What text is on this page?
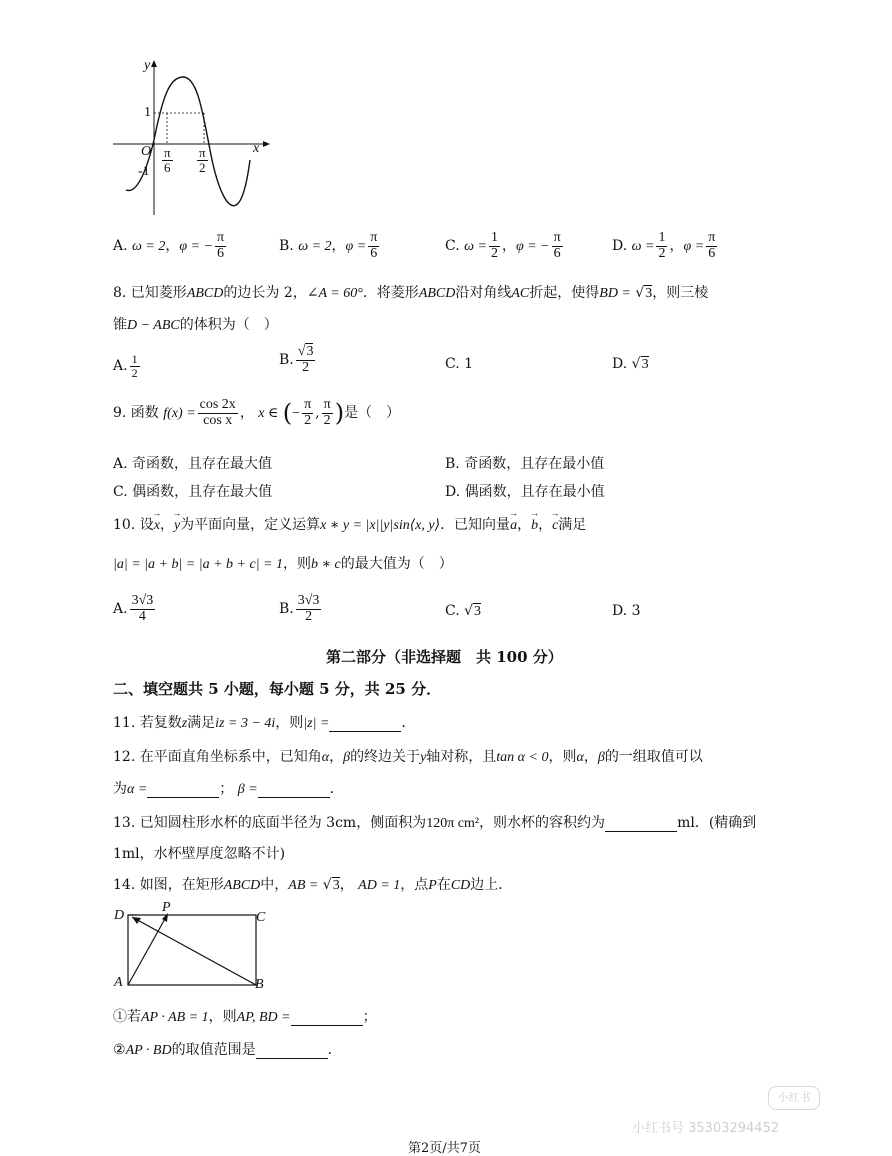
y
x
O
1
$-1 \frac{\pi}{6} \frac{\pi}{2}$
A. ω = 2，φ = − $\frac{\pi}{6}$	B. ω = 2，$\varphi = \frac{\pi}{6}$	C. $\omega = \frac{1}{2}$ ，φ = − $\frac{\pi}{6}$	D. $\omega = \frac{1}{2}$ ，$\varphi = \frac{\pi}{6}$
8. 已知菱形ABCD的边长为 2，∠A = 60°．将菱形ABCD沿对角线AC折起，使得BD = √3，则三棱
锥D − ABC的体积为（　）
A. $\frac{1}{2}$	B. $\frac{√3}{2}$	C. 1	D. √3
9. 函数 $f(x) = \frac{\cos 2x}{\text{cos x}}$ ， x ∈ (− $\frac{\pi}{2}$ , $\frac{\pi}{2}$ )是（　）
A. 奇函数，且存在最大值	B. 奇函数，且存在最小值
C. 偶函数，且存在最大值	D. 偶函数，且存在最小值
10. 设→ x，→ y为平面向量，定义运算x ∗ y = |x||y|sin⟨x, y⟩．已知向量→ a，→ b，→ c满足
|a| = |a + b| = |a + b + c| = 1，则b ∗ c的最大值为（　）
A. $\frac{3√3}{4}$	B. $\frac{3√3}{2}$	C. √3	D. 3
第二部分（非选择题　共 100 分）
二、填空题共 5 小题，每小题 5 分，共 25 分．
11. 若复数z满足iz = 3 − 4i，则|z| =	．
12. 在平面直角坐标系中，已知角α，β的终边关于y轴对称，且tan α < 0，则α，β的一组取值可以
为α =	； β =	．
13. 已知圆柱形水杯的底面半径为 3cm，侧面积为120π cm²，则水杯的容积约为	ml．(精确到
1ml，水杯壁厚度忽略不计)
14. 如图，在矩形ABCD中，AB = √3， AD = 1，点P在CD边上．
D
P
C
A	B
①若AP · AB = 1，则AP, BD =	；
②AP · BD的取值范围是	．
小红书
小红书号 3530329445​2
第2页/共7页
